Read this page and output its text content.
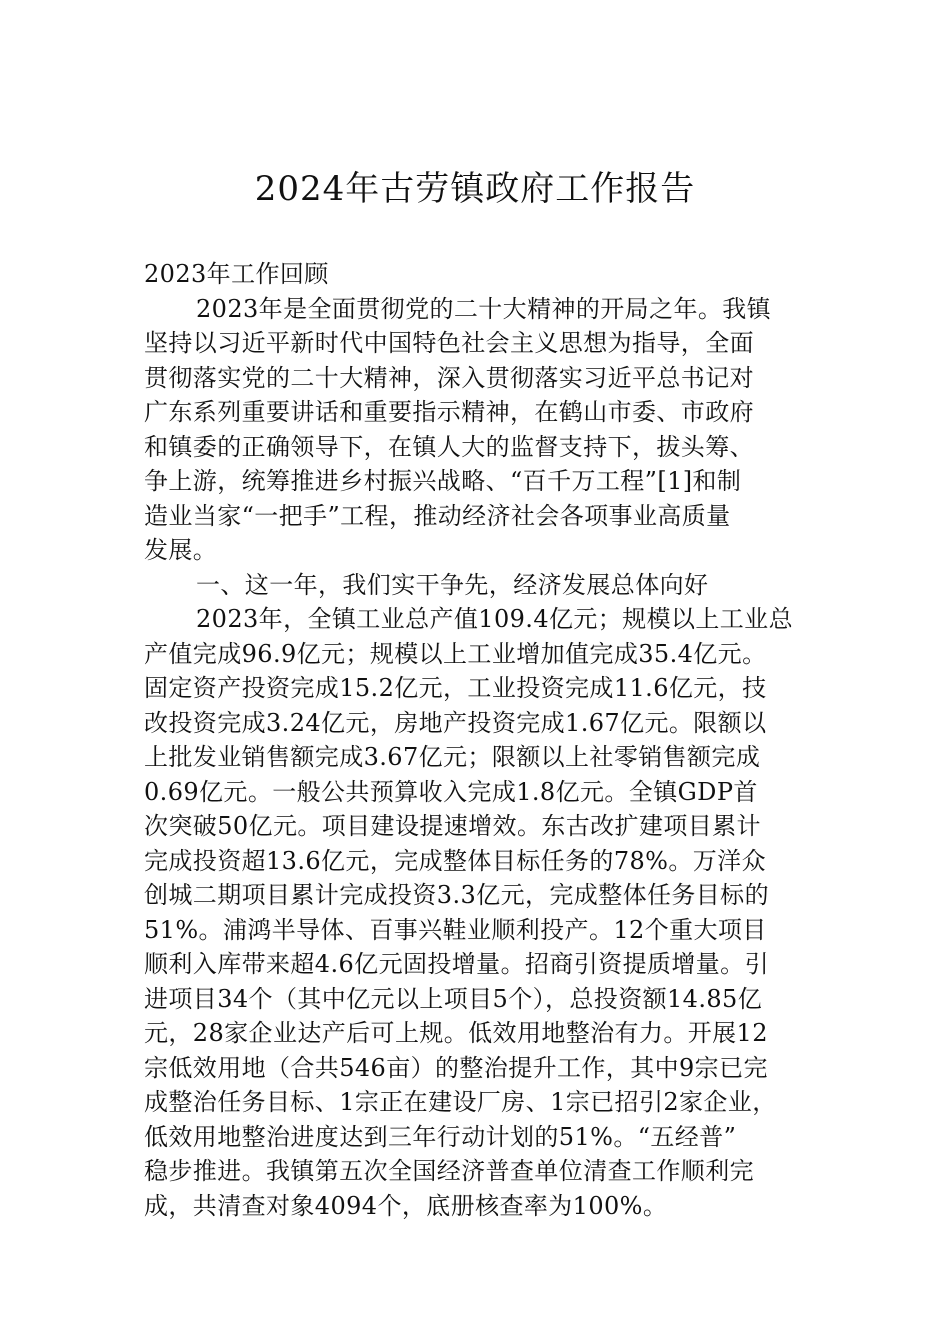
2024年古劳镇政府工作报告
2023年工作回顾
2023年是全面贯彻党的二十大精神的开局之年。我镇
坚持以习近平新时代中国特色社会主义思想为指导，全面
贯彻落实党的二十大精神，深入贯彻落实习近平总书记对
广东系列重要讲话和重要指示精神，在鹤山市委、市政府
和镇委的正确领导下，在镇人大的监督支持下，拔头筹、
争上游，统筹推进乡村振兴战略、“百千万工程”[1]和制
造业当家“一把手”工程，推动经济社会各项事业高质量
发展。
一、这一年，我们实干争先，经济发展总体向好
2023年，全镇工业总产值109.4亿元；规模以上工业总
产值完成96.9亿元；规模以上工业增加值完成35.4亿元。
固定资产投资完成15.2亿元，工业投资完成11.6亿元，技
改投资完成3.24亿元，房地产投资完成1.67亿元。限额以
上批发业销售额完成3.67亿元；限额以上社零销售额完成
0.69亿元。一般公共预算收入完成1.8亿元。全镇GDP首
次突破50亿元。项目建设提速增效。东古改扩建项目累计
完成投资超13.6亿元，完成整体目标任务的78%。万洋众
创城二期项目累计完成投资3.3亿元，完成整体任务目标的
51%。浦鸿半导体、百事兴鞋业顺利投产。12个重大项目
顺利入库带来超4.6亿元固投增量。招商引资提质增量。引
进项目34个（其中亿元以上项目5个），总投资额14.85亿
元，28家企业达产后可上规。低效用地整治有力。开展12
宗低效用地（合共546亩）的整治提升工作，其中9宗已完
成整治任务目标、1宗正在建设厂房、1宗已招引2家企业，
低效用地整治进度达到三年行动计划的51%。“五经普”
稳步推进。我镇第五次全国经济普查单位清查工作顺利完
成，共清查对象4094个，底册核查率为100%。
